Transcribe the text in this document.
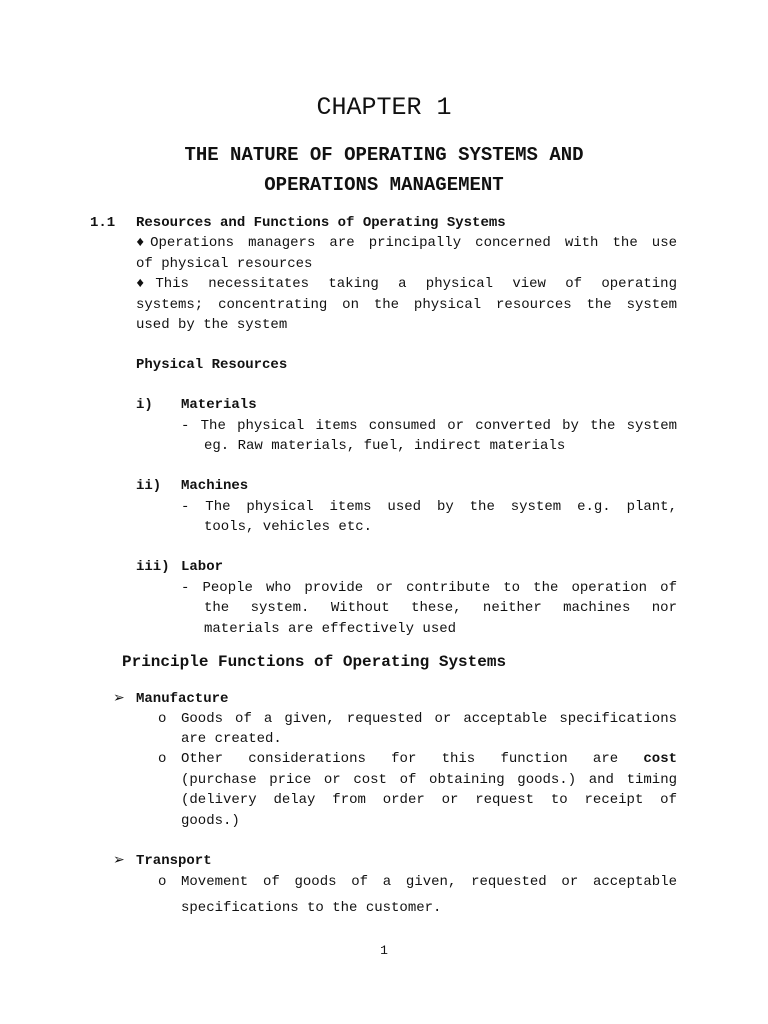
CHAPTER 1
THE NATURE OF OPERATING SYSTEMS AND
OPERATIONS MANAGEMENT
1.1 Resources and Functions of Operating Systems
♦Operations managers are principally concerned with the use
of physical resources
♦This necessitates taking a physical view of operating
systems; concentrating on the physical resources the system
used by the system
Physical Resources
i) Materials
- The physical items consumed or converted by the system
eg. Raw materials, fuel, indirect materials
ii) Machines
- The physical items used by the system e.g. plant,
tools, vehicles etc.
iii) Labor
- People who provide or contribute to the operation of
the system. Without these, neither machines nor
materials are effectively used
Principle Functions of Operating Systems
➢ Manufacture
o Goods of a given, requested or acceptable specifications
are created.
o Other considerations for this function are cost
(purchase price or cost of obtaining goods.) and timing
(delivery delay from order or request to receipt of
goods.)
➢ Transport
o Movement of goods of a given, requested or acceptable
specifications to the customer.
1
